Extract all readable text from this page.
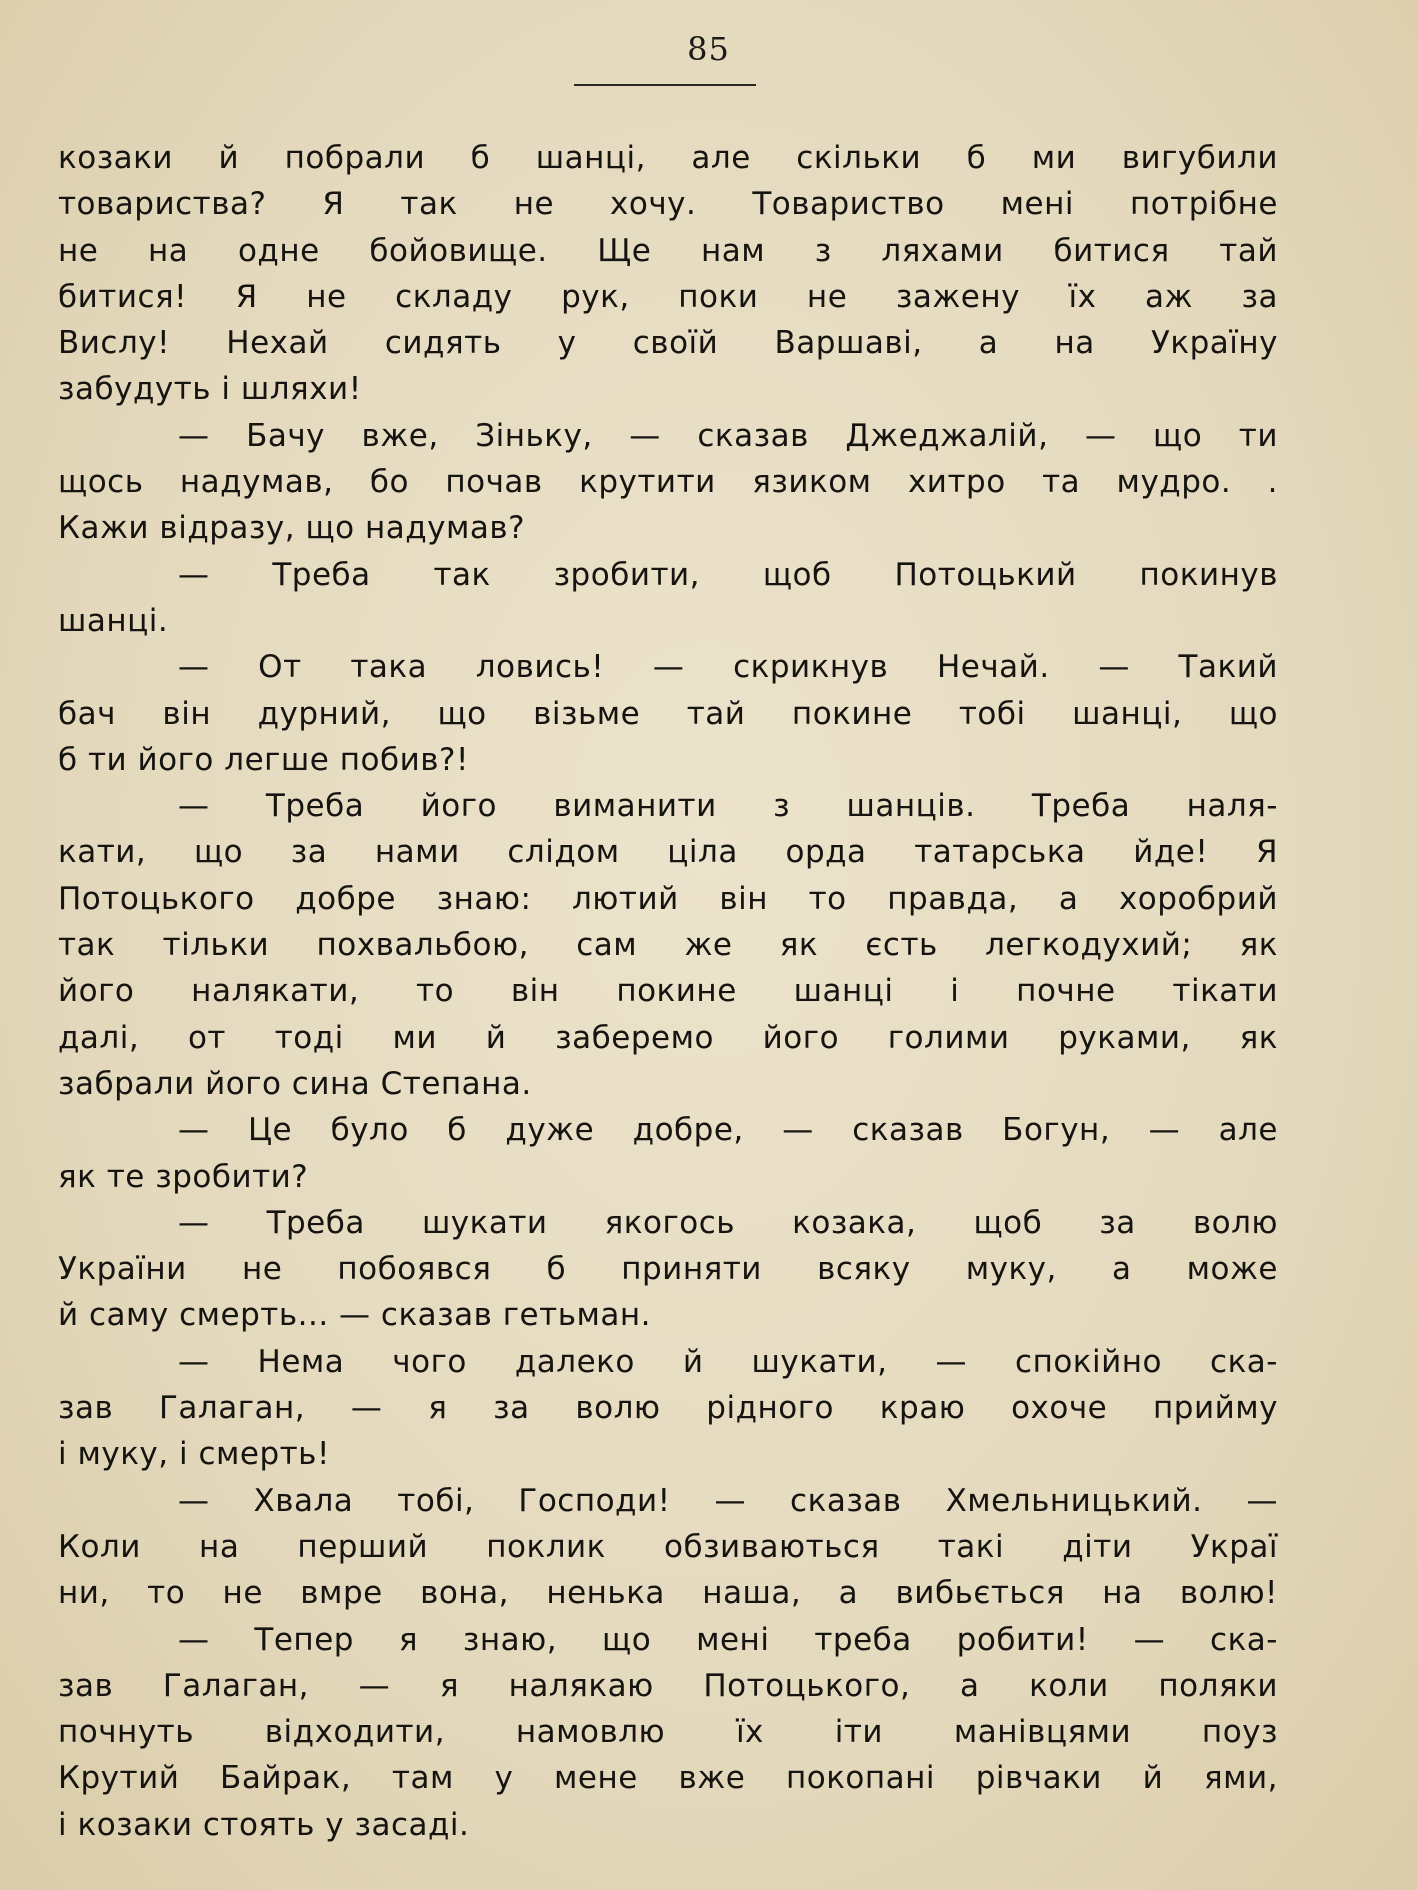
85
козаки й побрали б шанці, але скільки б ми вигубили
товариства? Я так не хочу. Товариство мені потрібне
не на одне бойовище. Ще нам з ляхами битися тай
битися! Я не складу рук, поки не зажену їх аж за
Вислу! Нехай сидять у своїй Варшаві, а на Україну
забудуть і шляхи!
— Бачу вже, Зіньку, — сказав Джеджалій, — що ти
щось надумав, бо почав крутити язиком хитро та мудро. .
Кажи відразу, що надумав?
— Треба так зробити, щоб Потоцький покинув
шанці.
— От така ловись! — скрикнув Нечай. — Такий
бач він дурний, що візьме тай покине тобі шанці, що
б ти його легше побив?!
— Треба його виманити з шанців. Треба наля-
кати, що за нами слідом ціла орда татарська йде! Я
Потоцького добре знаю: лютий він то правда, а хоробрий
так тільки похвальбою, сам же як єсть легкодухий; як
його налякати, то він покине шанці і почне тікати
далі, от тоді ми й заберемо його голими руками, як
забрали його сина Степана.
— Це було б дуже добре, — сказав Богун, — але
як те зробити?
— Треба шукати якогось козака, щоб за волю
України не побоявся б приняти всяку муку, а може
й саму смерть... — сказав гетьман.
— Нема чого далеко й шукати, — спокійно ска-
зав Галаган, — я за волю рідного краю охоче прийму
і муку, і смерть!
— Хвала тобі, Господи! — сказав Хмельницький. —
Коли на перший поклик обзиваються такі діти Украї
ни, то не вмре вона, ненька наша, а вибьється на волю!
— Тепер я знаю, що мені треба робити! — ска-
зав Галаган, — я налякаю Потоцького, а коли поляки
почнуть відходити, намовлю їх іти манівцями поуз
Крутий Байрак, там у мене вже покопані рівчаки й ями,
і козаки стоять у засаді.
